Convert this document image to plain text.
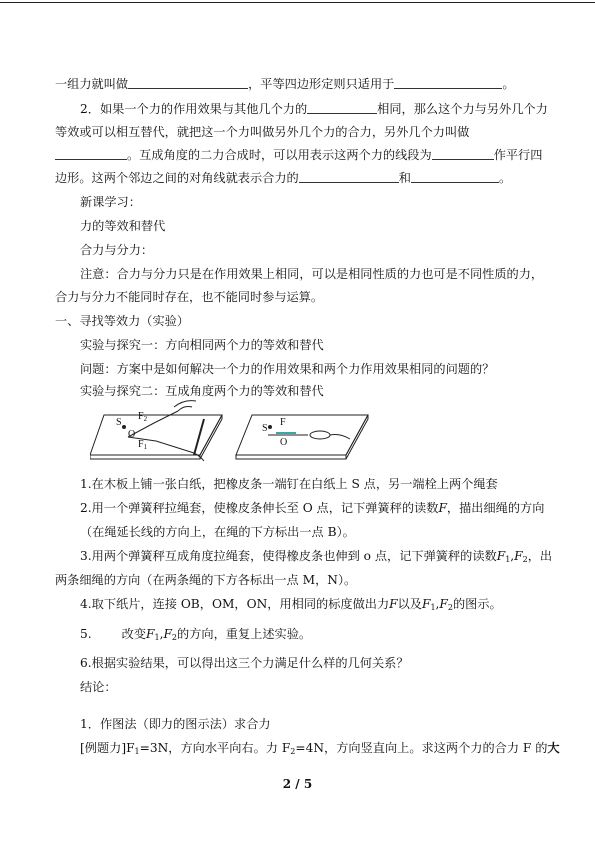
一组力就叫做	，平等四边形定则只适用于	。
2．如果一个力的作用效果与其他几个力的	相同，那么这个力与另外几个力
等效或可以相互替代，就把这一个力叫做另外几个力的合力，另外几个力叫做
。互成角度的二力合成时，可以用表示这两个力的线段为	作平行四
边形。这两个邻边之间的对角线就表示合力的	和	。
新课学习：
力的等效和替代
合力与分力：
注意：合力与分力只是在作用效果上相同，可以是相同性质的力也可是不同性质的力，
合力与分力不能同时存在，也不能同时参与运算。
一、寻找等效力（实验）
实验与探究一：方向相同两个力的等效和替代
问题：方案中是如何解决一个力的作用效果和两个力作用效果相同的问题的？
实验与探究二：互成角度两个力的等效和替代
S
$F_2$
O
$F_1$
S
F
O
1.在木板上铺一张白纸，把橡皮条一端钉在白纸上 S 点，另一端栓上两个绳套
2.用一个弹簧秤拉绳套，使橡皮条伸长至 O 点，记下弹簧秤的读数F，描出细绳的方向
（在绳延长线的方向上，在绳的下方标出一点 B）。
3.用两个弹簧秤互成角度拉绳套，使得橡皮条也伸到 o 点，记下弹簧秤的读数$F_1,F_2$，出
两条细绳的方向（在两条绳的下方各标出一点 M，N）。
4.取下纸片，连接 OB，OM，ON，用相同的标度做出力F以及$F_1,F_2$的图示。
5. 改变$F_1,F_2$的方向，重复上述实验。
6.根据实验结果，可以得出这三个力满足什么样的几何关系？
结论：
1．作图法（即力的图示法）求合力
[例题力]$F_1=3N$，方向水平向右。力 $F_2=4N$，方向竖直向上。求这两个力的合力 F 的大
2 / 5
